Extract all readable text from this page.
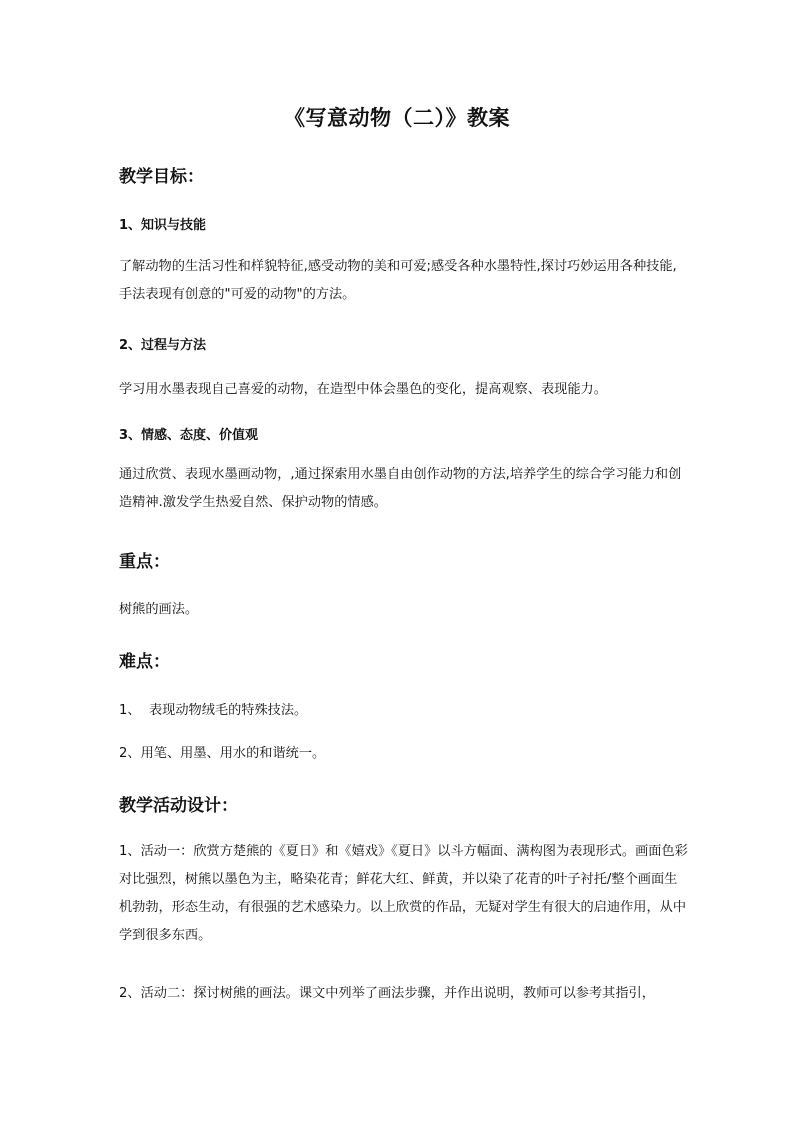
《写意动物（二）》教案
教学目标：
1、知识与技能
了解动物的生活习性和样貌特征,感受动物的美和可爱;感受各种水墨特性,探讨巧妙运用各种技能,手法表现有创意的"可爱的动物"的方法。
2、过程与方法
学习用水墨表现自己喜爱的动物，在造型中体会墨色的变化，提高观察、表现能力。
3、情感、态度、价值观
通过欣赏、表现水墨画动物，,通过探索用水墨自由创作动物的方法,培养学生的综合学习能力和创造精神.激发学生热爱自然、保护动物的情感。
重点：
树熊的画法。
难点：
1、  表现动物绒毛的特殊技法。
2、用笔、用墨、用水的和谐统一。
教学活动设计：
1、活动一：欣赏方楚熊的《夏日》和《嬉戏》《夏日》以斗方幅面、满构图为表现形式。画面色彩对比强烈，树熊以墨色为主，略染花青；鲜花大红、鲜黄，并以染了花青的叶子衬托/整个画面生机勃勃，形态生动，有很强的艺术感染力。以上欣赏的作品，无疑对学生有很大的启迪作用，从中学到很多东西。
2、活动二：探讨树熊的画法。课文中列举了画法步骤，并作出说明，教师可以参考其指引，
